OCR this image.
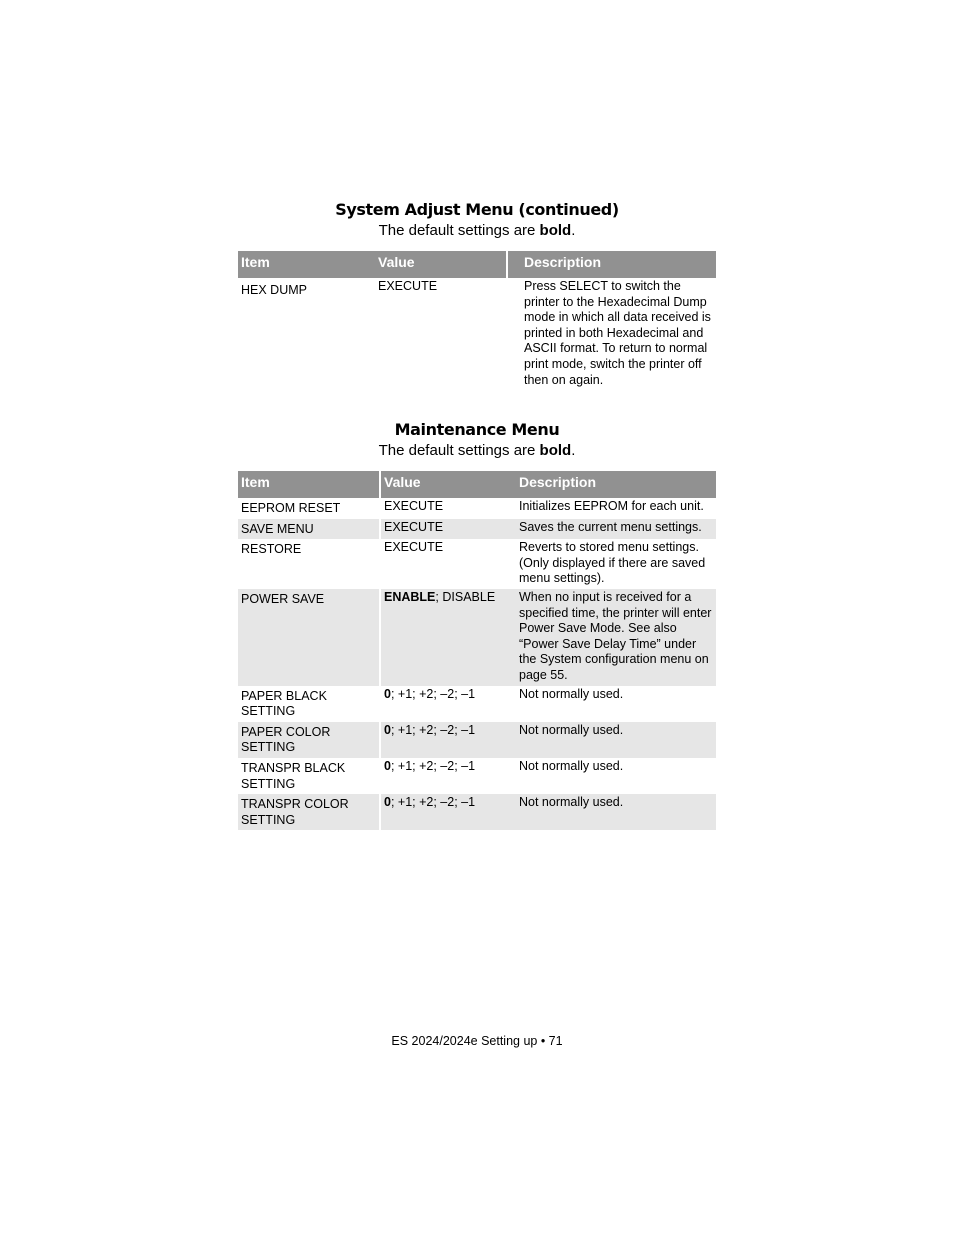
System Adjust Menu (continued)
The default settings are bold.
Item	Value	Description
HEX DUMP	EXECUTE	Press SELECT to switch the printer to the Hexadecimal Dump mode in which all data received is printed in both Hexadecimal and ASCII format. To return to normal print mode, switch the printer off then on again.
Maintenance Menu
The default settings are bold.
Item	Value	Description
EEPROM RESET	EXECUTE	Initializes EEPROM for each unit.
SAVE MENU	EXECUTE	Saves the current menu settings.
RESTORE	EXECUTE	Reverts to stored menu settings. (Only displayed if there are saved menu settings).
POWER SAVE	ENABLE; DISABLE	When no input is received for a specified time, the printer will enter Power Save Mode. See also “Power Save Delay Time” under the System configuration menu on page 55.
PAPER BLACK SETTING	0; +1; +2; –2; –1	Not normally used.
PAPER COLOR SETTING	0; +1; +2; –2; –1	Not normally used.
TRANSPR BLACK SETTING	0; +1; +2; –2; –1	Not normally used.
TRANSPR COLOR SETTING	0; +1; +2; –2; –1	Not normally used.
ES 2024/2024e Setting up • 71
